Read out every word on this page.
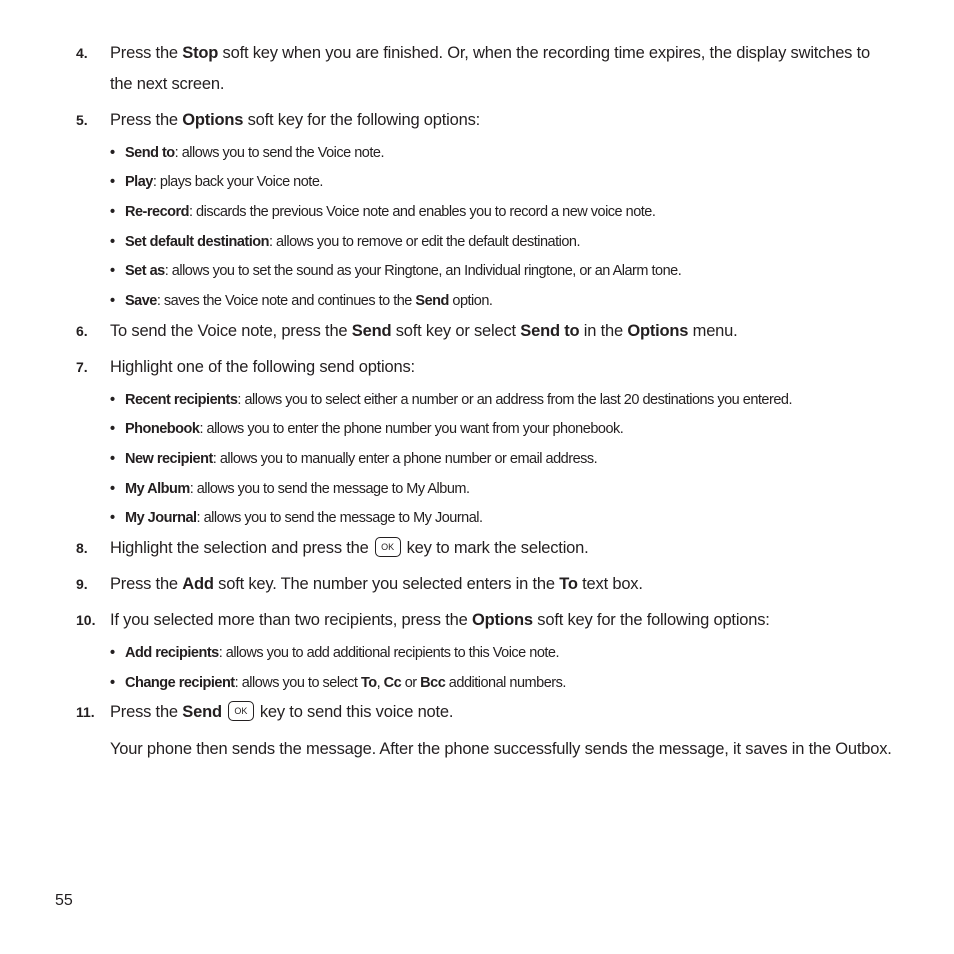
4.	Press the Stop soft key when you are finished. Or, when the recording time expires, the display switches to
the next screen.
5.	Press the Options soft key for the following options:
• Send to: allows you to send the Voice note.
• Play: plays back your Voice note.
• Re-record: discards the previous Voice note and enables you to record a new voice note.
• Set default destination: allows you to remove or edit the default destination.
• Set as: allows you to set the sound as your Ringtone, an Individual ringtone, or an Alarm tone.
• Save: saves the Voice note and continues to the Send option.
6.	To send the Voice note, press the Send soft key or select Send to in the Options menu.
7.	Highlight one of the following send options:
• Recent recipients: allows you to select either a number or an address from the last 20 destinations you entered.
• Phonebook: allows you to enter the phone number you want from your phonebook.
• New recipient: allows you to manually enter a phone number or email address.
• My Album: allows you to send the message to My Album.
• My Journal: allows you to send the message to My Journal.
8.	Highlight the selection and press the OK key to mark the selection.
9.	Press the Add soft key. The number you selected enters in the To text box.
10. If you selected more than two recipients, press the Options soft key for the following options:
• Add recipients: allows you to add additional recipients to this Voice note.
• Change recipient: allows you to select To, Cc or Bcc additional numbers.
11. Press the Send OK key to send this voice note.
Your phone then sends the message. After the phone successfully sends the message, it saves in the Outbox.
55
